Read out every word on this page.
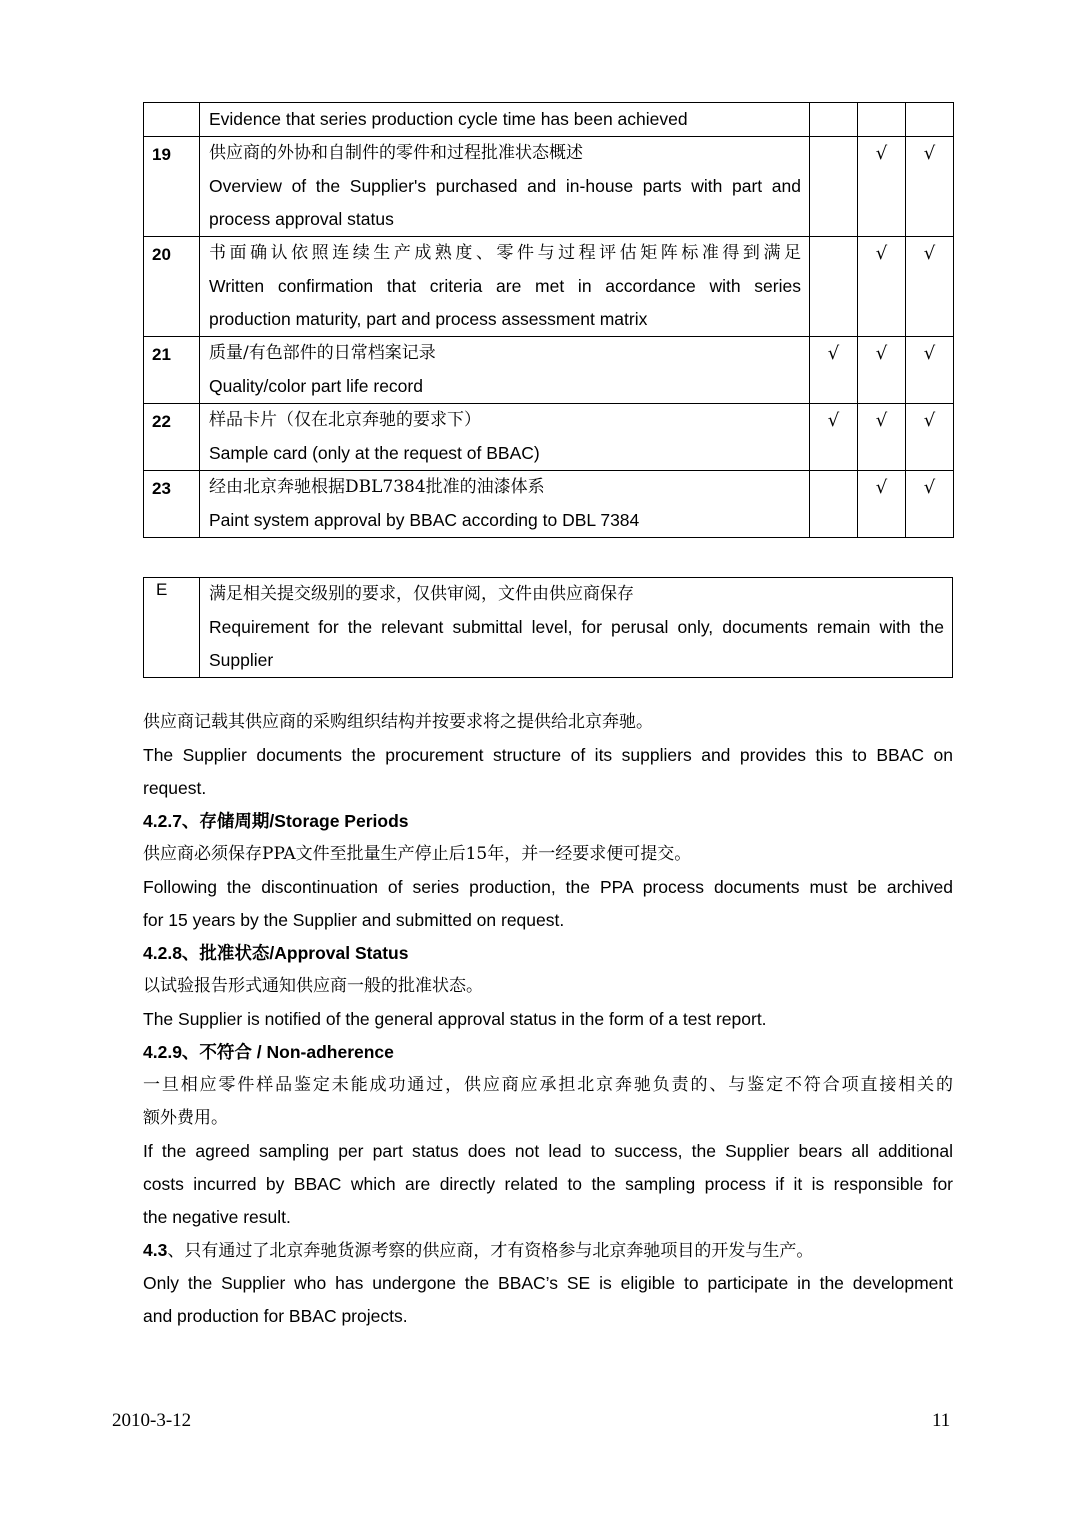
	Evidence that series production cycle time has been achieved			

19	供应商的外协和自制件的零件和过程批准状态概述
Overview of the Supplier's purchased and in-house parts with part and
process approval status		√	√
20	书面确认依照连续生产成熟度、零件与过程评估矩阵标准得到满足
Written confirmation that criteria are met in accordance with series
production maturity, part and process assessment matrix		√	√
21	质量/有色部件的日常档案记录
Quality/color part life record	√	√	√
22	样品卡片（仅在北京奔驰的要求下）
Sample card (only at the request of BBAC)	√	√	√
23	经由北京奔驰根据DBL7384批准的油漆体系
Paint system approval by BBAC according to DBL 7384		√	√
E	满足相关提交级别的要求，仅供审阅，文件由供应商保存
Requirement for the relevant submittal level, for perusal only, documents remain with the
Supplier
供应商记载其供应商的采购组织结构并按要求将之提供给北京奔驰。
The Supplier documents the procurement structure of its suppliers and provides this to BBAC on
request.
4.2.7、存储周期/Storage Periods
供应商必须保存PPA文件至批量生产停止后15年，并一经要求便可提交。
Following the discontinuation of series production, the PPA process documents must be archived
for 15 years by the Supplier and submitted on request.
4.2.8、批准状态/Approval Status
以试验报告形式通知供应商一般的批准状态。
The Supplier is notified of the general approval status in the form of a test report.
4.2.9、不符合 / Non-adherence
一旦相应零件样品鉴定未能成功通过，供应商应承担北京奔驰负责的、与鉴定不符合项直接相关的
额外费用。
If the agreed sampling per part status does not lead to success, the Supplier bears all additional
costs incurred by BBAC which are directly related to the sampling process if it is responsible for
the negative result.
4.3、只有通过了北京奔驰货源考察的供应商，才有资格参与北京奔驰项目的开发与生产。
Only the Supplier who has undergone the BBAC’s SE is eligible to participate in the development
and production for BBAC projects.
2010-3-12	11
